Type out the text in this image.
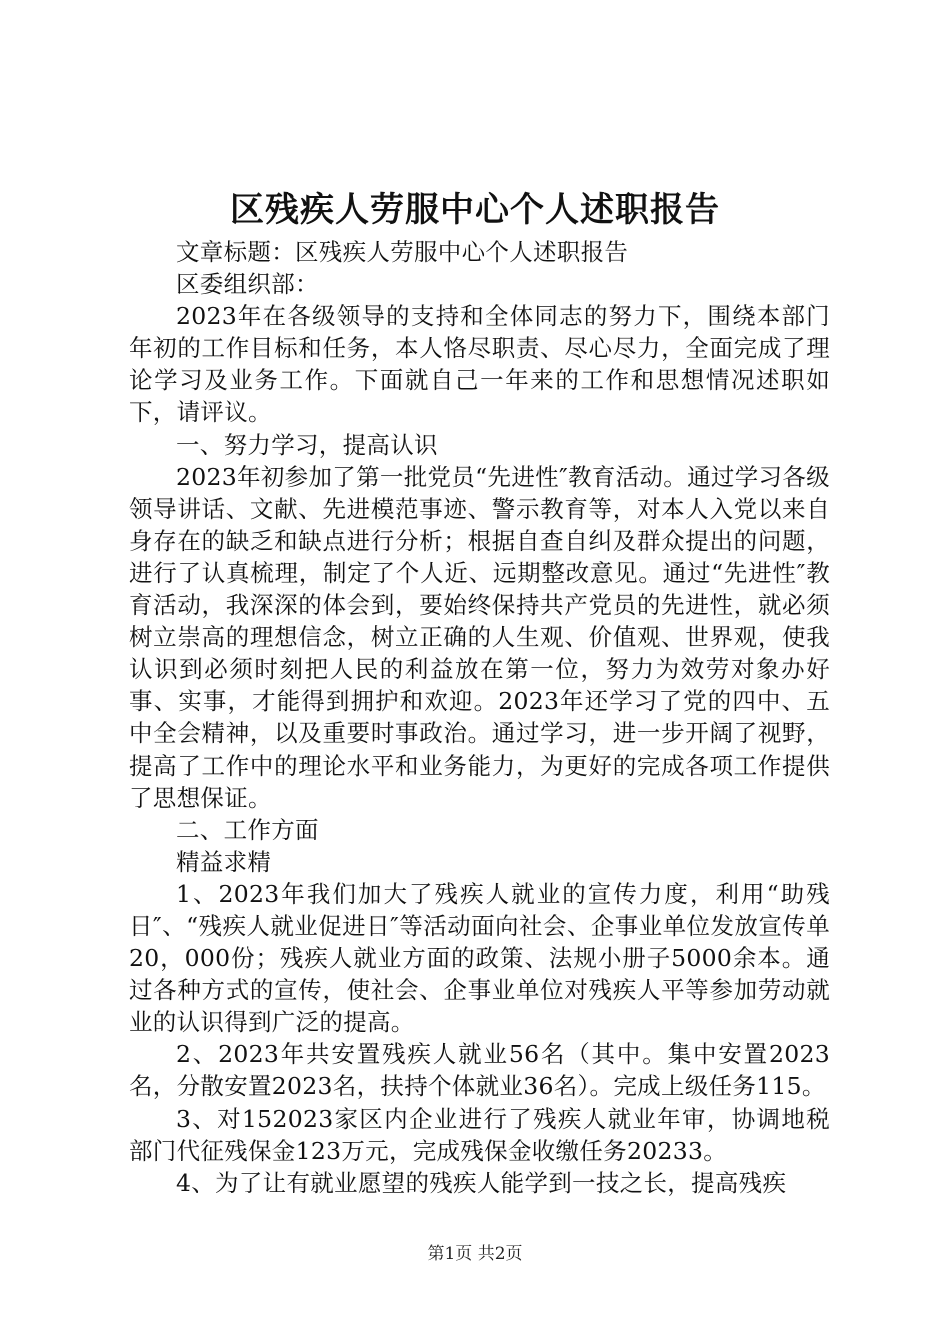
区残疾人劳服中心个人述职报告

文章标题：区残疾人劳服中心个人述职报告

区委组织部：

2023年在各级领导的支持和全体同志的努力下，围绕本部门年初的工作目标和任务，本人恪尽职责、尽心尽力，全面完成了理论学习及业务工作。下面就自己一年来的工作和思想情况述职如下，请评议。

一、努力学习，提高认识

2023年初参加了第一批党员“先进性″教育活动。通过学习各级领导讲话、文献、先进模范事迹、警示教育等，对本人入党以来自身存在的缺乏和缺点进行分析；根据自查自纠及群众提出的问题，进行了认真梳理，制定了个人近、远期整改意见。通过“先进性″教育活动，我深深的体会到，要始终保持共产党员的先进性，就必须树立崇高的理想信念，树立正确的人生观、价值观、世界观，使我认识到必须时刻把人民的利益放在第一位，努力为效劳对象办好事、实事，才能得到拥护和欢迎。2023年还学习了党的四中、五中全会精神，以及重要时事政治。通过学习，进一步开阔了视野，提高了工作中的理论水平和业务能力，为更好的完成各项工作提供了思想保证。

二、工作方面

精益求精

1、2023年我们加大了残疾人就业的宣传力度，利用“助残日″、“残疾人就业促进日″等活动面向社会、企事业单位发放宣传单20，000份；残疾人就业方面的政策、法规小册子5000余本。通过各种方式的宣传，使社会、企事业单位对残疾人平等参加劳动就业的认识得到广泛的提高。

2、2023年共安置残疾人就业56名（其中。集中安置2023名，分散安置2023名，扶持个体就业36名）。完成上级任务115。

3、对152023家区内企业进行了残疾人就业年审，协调地税部门代征残保金123万元，完成残保金收缴任务20233。

4、为了让有就业愿望的残疾人能学到一技之长，提高残疾

第1页 共2页
